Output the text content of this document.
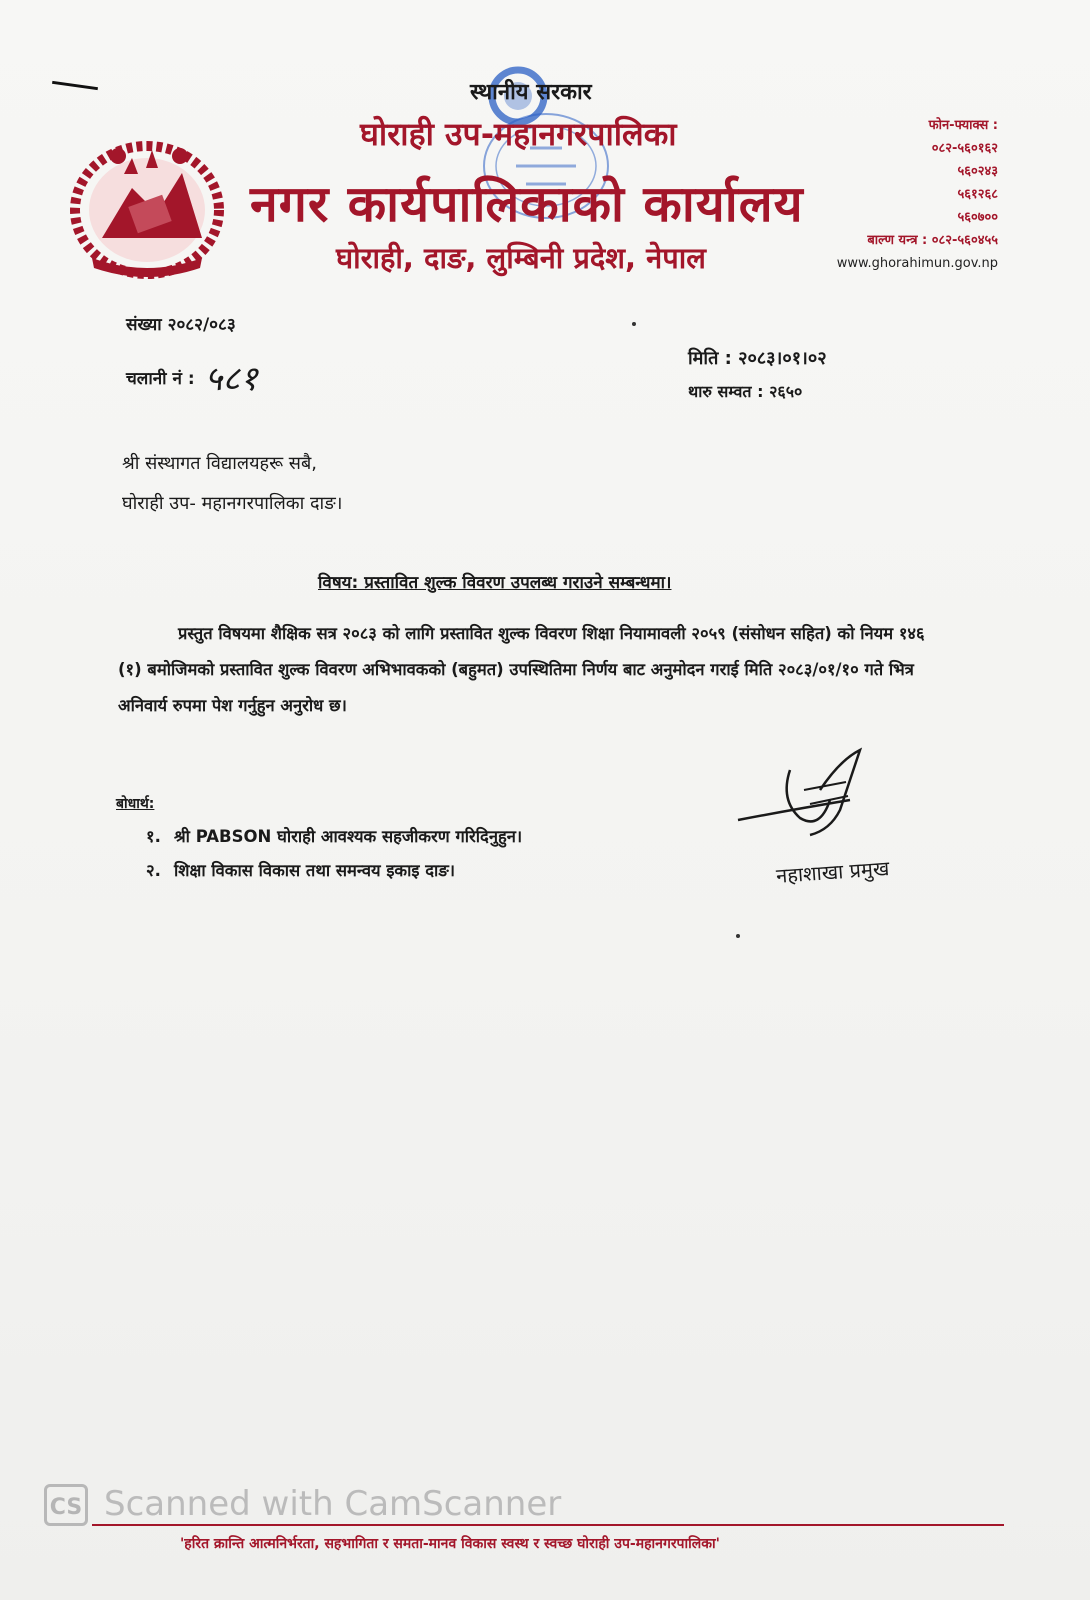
स्थानीय सरकार
घोराही उप-महानगरपालिका
नगर कार्यपालिकाको कार्यालय
घोराही, दाङ, लुम्बिनी प्रदेश, नेपाल
फोन-फ्याक्स :
०८२-५६०१६२
५६०२४३
५६१२६८
५६०७००
बाल्ण यन्त्र : ०८२-५६०४५५
www.ghorahimun.gov.np
संख्या २०८२/०८३
चलानी नं : ५८१
मिति : २०८३।०१।०२
थारु सम्वत : २६५०
श्री संस्थागत विद्यालयहरू सबै,
घोराही उप- महानगरपालिका दाङ।
विषय: प्रस्तावित शुल्क विवरण उपलब्ध गराउने सम्बन्धमा।
प्रस्तुत विषयमा शैक्षिक सत्र २०८३ को लागि प्रस्तावित शुल्क विवरण शिक्षा नियामावली २०५९ (संसोधन सहित) को नियम १४६ (१) बमोजिमको प्रस्तावित शुल्क विवरण अभिभावकको (बहुमत) उपस्थितिमा निर्णय बाट अनुमोदन गराई मिति २०८३/०१/१० गते भित्र अनिवार्य रुपमा पेश गर्नुहुन अनुरोध छ।
बोधार्थ:
१. श्री PABSON घोराही आवश्यक सहजीकरण गरिदिनुहुन।
२. शिक्षा विकास विकास तथा समन्वय इकाइ दाङ।	नहाशाखा प्रमुख
CS Scanned with CamScanner
'हरित क्रान्ति आत्मनिर्भरता, सहभागिता र समता-मानव विकास स्वस्थ र स्वच्छ घोराही उप-महानगरपालिका'
